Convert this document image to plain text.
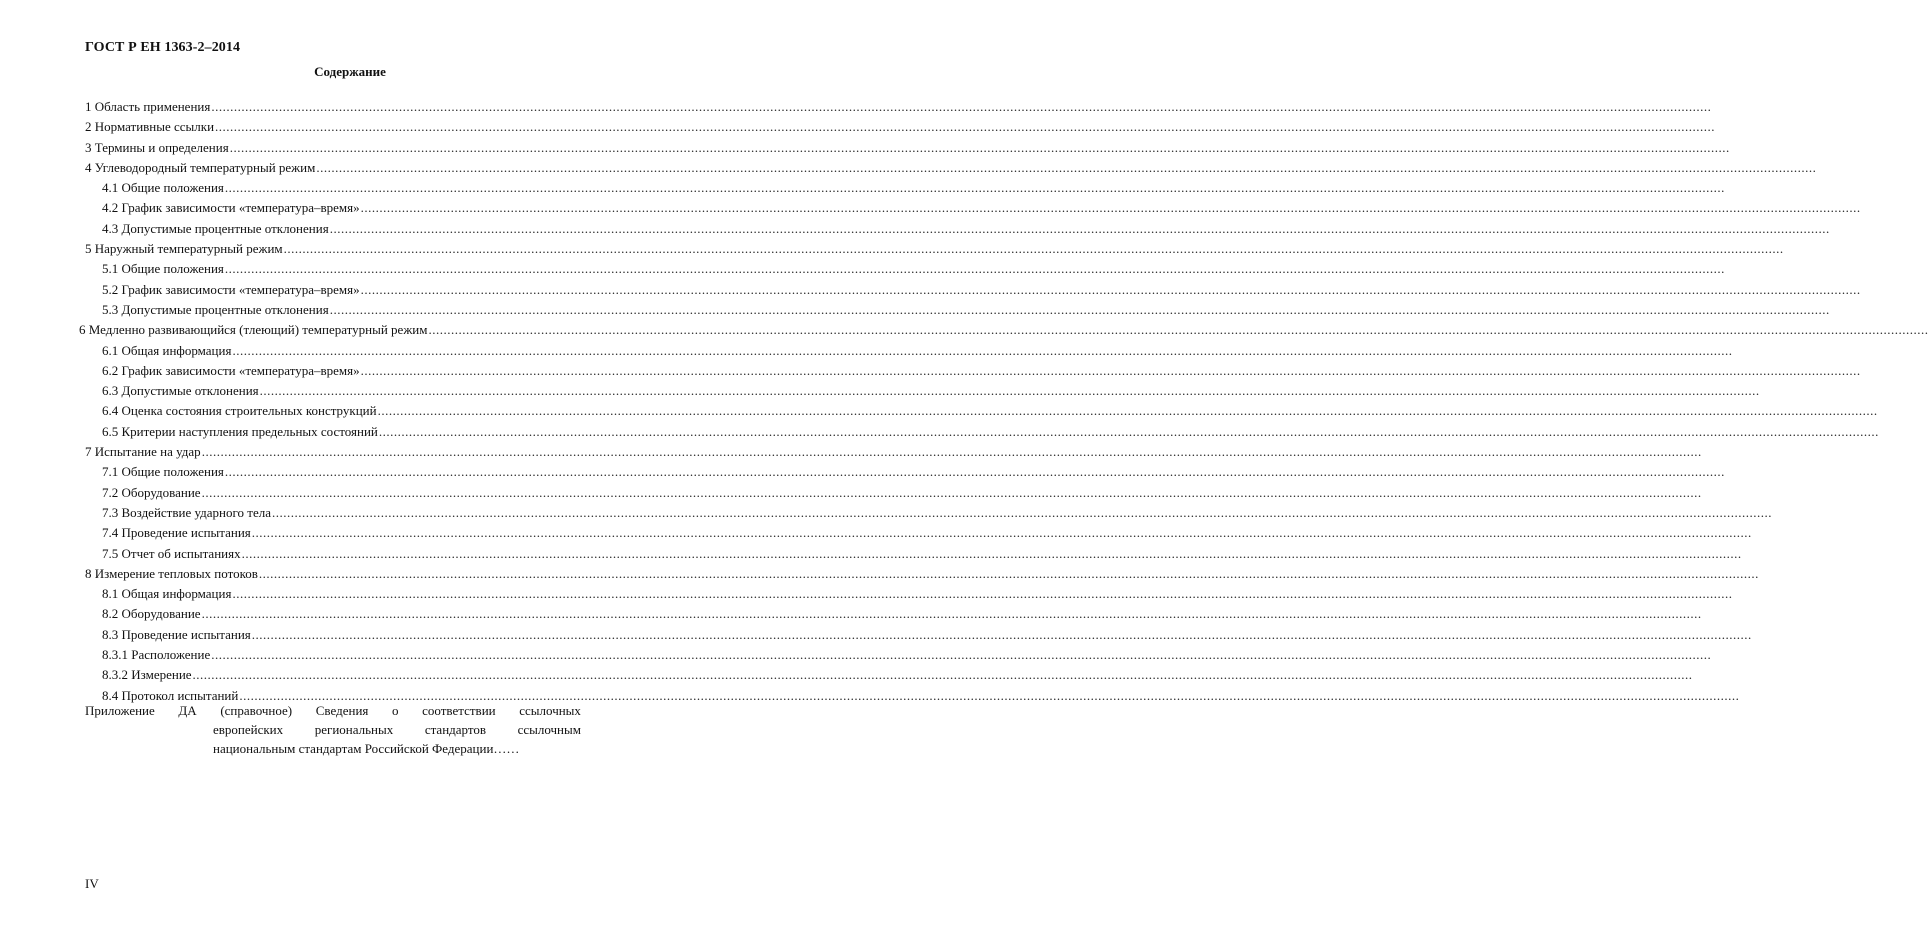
ГОСТ Р ЕН 1363-2–2014
Содержание
1 Область применения ................................................................................................................................................................................................................................................................................................................................................................................................................
2 Нормативные ссылки ................................................................................................................................................................................................................................................................................................................................................................................................................
3 Термины и определения ................................................................................................................................................................................................................................................................................................................................................................................................................
4 Углеводородный температурный режим ................................................................................................................................................................................................................................................................................................................................................................................................................
4.1 Общие положения ................................................................................................................................................................................................................................................................................................................................................................................................................
4.2 График зависимости «температура–время» ................................................................................................................................................................................................................................................................................................................................................................................................................
4.3 Допустимые процентные отклонения ................................................................................................................................................................................................................................................................................................................................................................................................................
5 Наружный температурный режим ................................................................................................................................................................................................................................................................................................................................................................................................................
5.1 Общие положения ................................................................................................................................................................................................................................................................................................................................................................................................................
5.2 График зависимости «температура–время» ................................................................................................................................................................................................................................................................................................................................................................................................................
5.3 Допустимые процентные отклонения ................................................................................................................................................................................................................................................................................................................................................................................................................
6 Медленно развивающийся (тлеющий) температурный режим ................................................................................................................................................................................................................................................................................................................................................................................................................
6.1 Общая информация ................................................................................................................................................................................................................................................................................................................................................................................................................
6.2 График зависимости «температура–время» ................................................................................................................................................................................................................................................................................................................................................................................................................
6.3 Допустимые отклонения ................................................................................................................................................................................................................................................................................................................................................................................................................
6.4 Оценка состояния строительных конструкций ................................................................................................................................................................................................................................................................................................................................................................................................................
6.5 Критерии наступления предельных состояний ................................................................................................................................................................................................................................................................................................................................................................................................................
7 Испытание на удар ................................................................................................................................................................................................................................................................................................................................................................................................................
7.1 Общие положения ................................................................................................................................................................................................................................................................................................................................................................................................................
7.2 Оборудование ................................................................................................................................................................................................................................................................................................................................................................................................................
7.3 Воздействие ударного тела ................................................................................................................................................................................................................................................................................................................................................................................................................
7.4 Проведение испытания ................................................................................................................................................................................................................................................................................................................................................................................................................
7.5 Отчет об испытаниях ................................................................................................................................................................................................................................................................................................................................................................................................................
8 Измерение тепловых потоков ................................................................................................................................................................................................................................................................................................................................................................................................................
8.1 Общая информация ................................................................................................................................................................................................................................................................................................................................................................................................................
8.2 Оборудование ................................................................................................................................................................................................................................................................................................................................................................................................................
8.3 Проведение испытания ................................................................................................................................................................................................................................................................................................................................................................................................................
8.3.1 Расположение ................................................................................................................................................................................................................................................................................................................................................................................................................
8.3.2 Измерение ................................................................................................................................................................................................................................................................................................................................................................................................................
8.4 Протокол испытаний ................................................................................................................................................................................................................................................................................................................................................................................................................
Приложение ДА (справочное) Сведения о соответствии ссылочных
европейских региональных стандартов ссылочным
национальным стандартам Российской Федерации……
IV
